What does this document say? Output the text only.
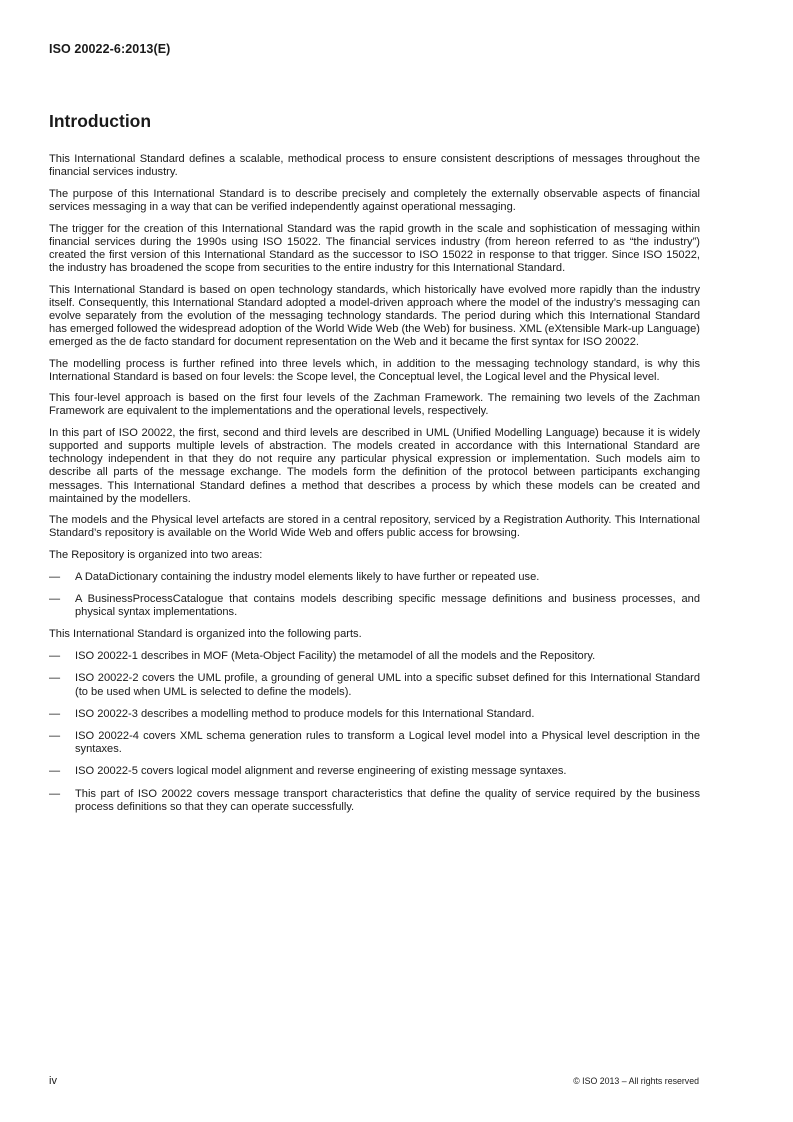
ISO 20022-6:2013(E)
Introduction

This International Standard defines a scalable, methodical process to ensure consistent descriptions of messages throughout the financial services industry.

The purpose of this International Standard is to describe precisely and completely the externally observable aspects of financial services messaging in a way that can be verified independently against operational messaging.

The trigger for the creation of this International Standard was the rapid growth in the scale and sophistication of messaging within financial services during the 1990s using ISO 15022. The financial services industry (from hereon referred to as “the industry”) created the first version of this International Standard as the successor to ISO 15022 in response to that trigger. Since ISO 15022, the industry has broadened the scope from securities to the entire industry for this International Standard.

This International Standard is based on open technology standards, which historically have evolved more rapidly than the industry itself. Consequently, this International Standard adopted a model-driven approach where the model of the industry’s messaging can evolve separately from the evolution of the messaging technology standards. The period during which this International Standard has emerged followed the widespread adoption of the World Wide Web (the Web) for business. XML (eXtensible Mark-up Language) emerged as the de facto standard for document representation on the Web and it became the first syntax for ISO 20022.

The modelling process is further refined into three levels which, in addition to the messaging technology standard, is why this International Standard is based on four levels: the Scope level, the Conceptual level, the Logical level and the Physical level.

This four-level approach is based on the first four levels of the Zachman Framework. The remaining two levels of the Zachman Framework are equivalent to the implementations and the operational levels, respectively.

In this part of ISO 20022, the first, second and third levels are described in UML (Unified Modelling Language) because it is widely supported and supports multiple levels of abstraction. The models created in accordance with this International Standard are technology independent in that they do not require any particular physical expression or implementation. Such models aim to describe all parts of the message exchange. The models form the definition of the protocol between participants exchanging messages. This International Standard defines a method that describes a process by which these models can be created and maintained by the modellers.

The models and the Physical level artefacts are stored in a central repository, serviced by a Registration Authority. This International Standard’s repository is available on the World Wide Web and offers public access for browsing.

The Repository is organized into two areas:

—	A DataDictionary containing the industry model elements likely to have further or repeated use.
—	A BusinessProcessCatalogue that contains models describing specific message definitions and business processes, and physical syntax implementations.

This International Standard is organized into the following parts.

—	ISO 20022-1 describes in MOF (Meta-Object Facility) the metamodel of all the models and the Repository.
—	ISO 20022-2 covers the UML profile, a grounding of general UML into a specific subset defined for this International Standard (to be used when UML is selected to define the models).
—	ISO 20022-3 describes a modelling method to produce models for this International Standard.
—	ISO 20022-4 covers XML schema generation rules to transform a Logical level model into a Physical level description in the syntaxes.
—	ISO 20022-5 covers logical model alignment and reverse engineering of existing message syntaxes.
—	This part of ISO 20022 covers message transport characteristics that define the quality of service required by the business process definitions so that they can operate successfully.
iv	© ISO 2013 – All rights reserved
